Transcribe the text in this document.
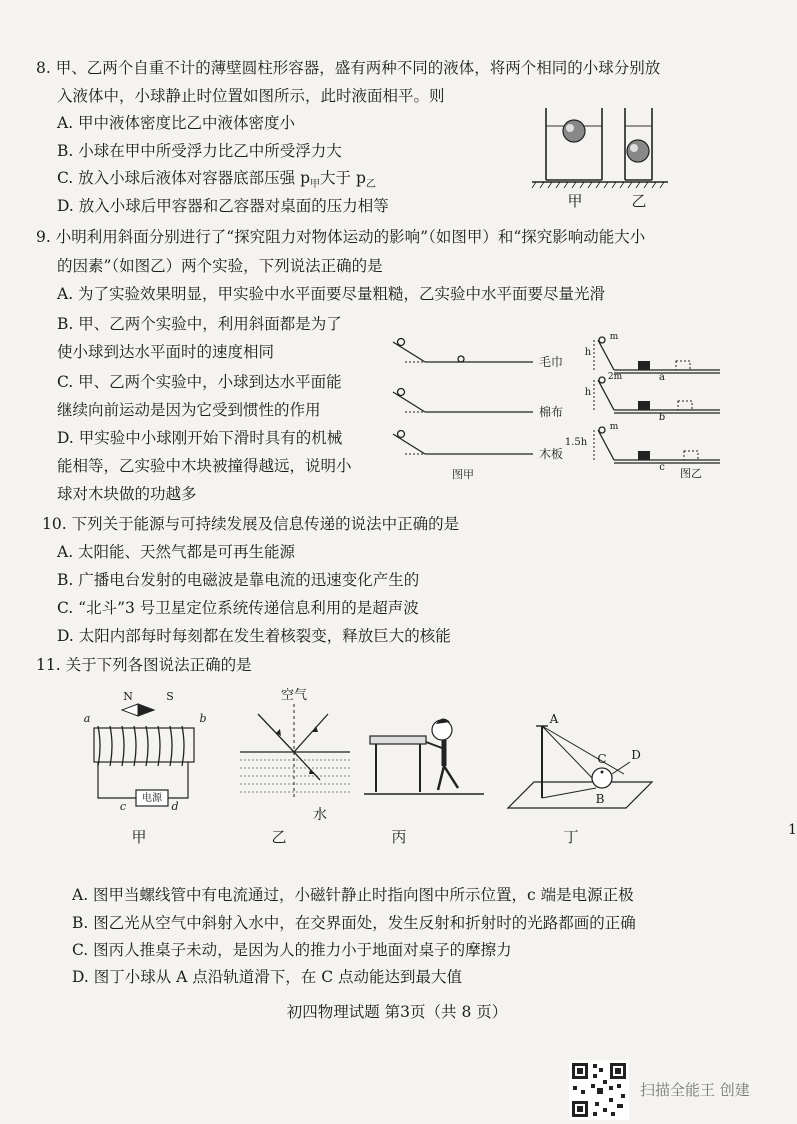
8. 甲、乙两个自重不计的薄壁圆柱形容器，盛有两种不同的液体，将两个相同的小球分别放
入液体中，小球静止时位置如图所示，此时液面相平。则
A. 甲中液体密度比乙中液体密度小
B. 小球在甲中所受浮力比乙中所受浮力大
C. 放入小球后液体对容器底部压强 $p_甲$大于 $p_乙$
D. 放入小球后甲容器和乙容器对桌面的压力相等	甲	乙
9. 小明利用斜面分别进行了“探究阻力对物体运动的影响”（如图甲）和“探究影响动能大小
的因素”（如图乙）两个实验，下列说法正确的是
A. 为了实验效果明显，甲实验中水平面要尽量粗糙，乙实验中水平面要尽量光滑
B. 甲、乙两个实验中，利用斜面都是为了
使小球到达水平面时的速度相同
C. 甲、乙两个实验中，小球到达水平面能
继续向前运动是因为它受到惯性的作用
D. 甲实验中小球刚开始下滑时具有的机械
能相等，乙实验中木块被撞得越远，说明小
球对木块做的功越多
毛巾
棉布
木板
图甲
m
2m
m
h
h
1.5h
a
b
c	图乙
10. 下列关于能源与可持续发展及信息传递的说法中正确的是
A. 太阳能、天然气都是可再生能源
B. 广播电台发射的电磁波是靠电流的迅速变化产生的
C. “北斗”3 号卫星定位系统传递信息利用的是超声波
D. 太阳内部每时每刻都在发生着核裂变，释放巨大的核能
11. 关于下列各图说法正确的是
N	S
a	b
c	d
电源
甲
空气
水
乙	丙
A
C D
B
丁	1
A. 图甲当螺线管中有电流通过，小磁针静止时指向图中所示位置，c 端是电源正极
B. 图乙光从空气中斜射入水中，在交界面处，发生反射和折射时的光路都画的正确
C. 图丙人推桌子未动，是因为人的推力小于地面对桌子的摩擦力
D. 图丁小球从 A 点沿轨道滑下，在 C 点动能达到最大值
初四物理试题 第3页（共 8 页）
扫描全能王 创建
